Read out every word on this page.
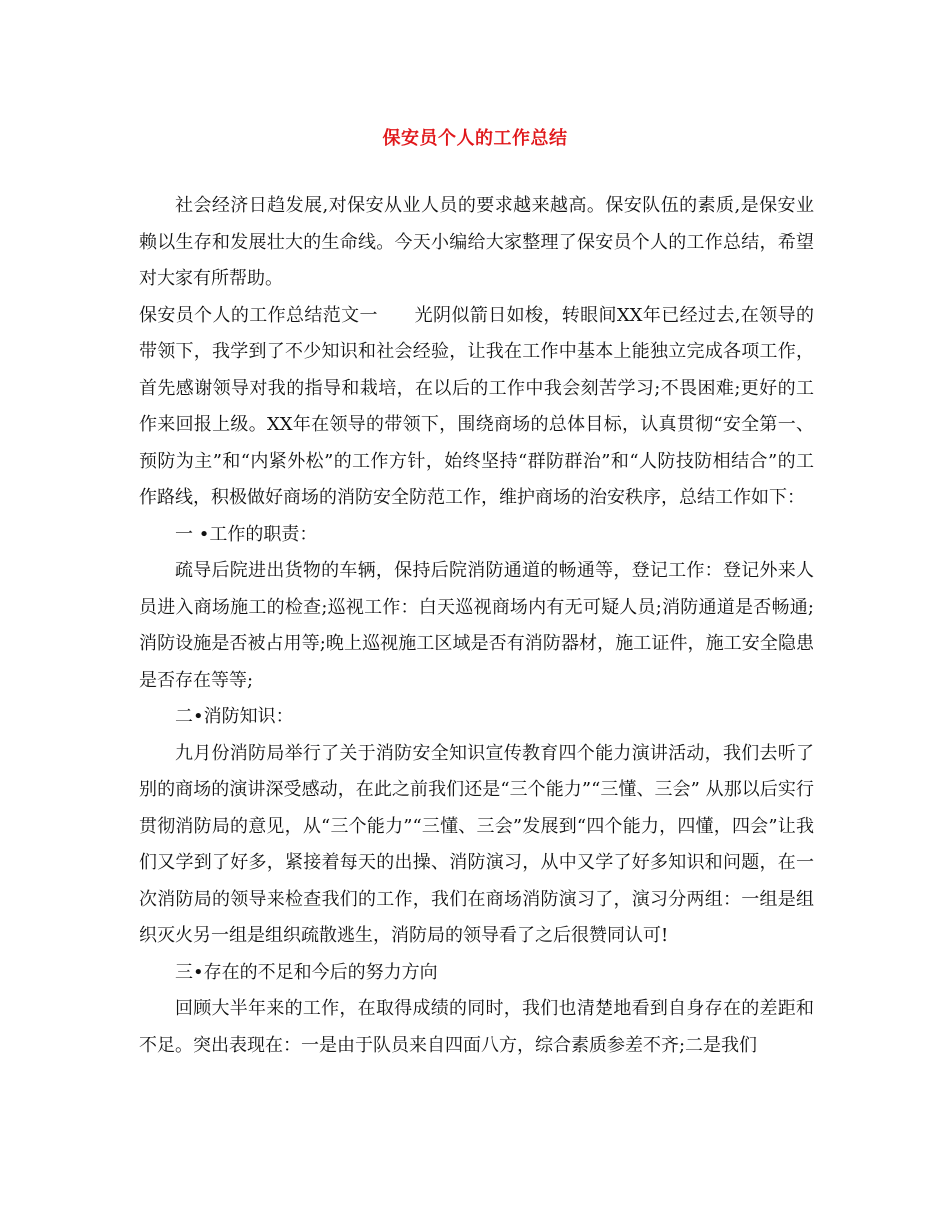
保安员个人的工作总结

社会经济日趋发展,对保安从业人员的要求越来越高。保安队伍的素质,是保安业赖以生存和发展壮大的生命线。今天小编给大家整理了保安员个人的工作总结，希望对大家有所帮助。

保安员个人的工作总结范文一　　光阴似箭日如梭，转眼间XX年已经过去,在领导的带领下，我学到了不少知识和社会经验，让我在工作中基本上能独立完成各项工作，首先感谢领导对我的指导和栽培，在以后的工作中我会刻苦学习;不畏困难;更好的工作来回报上级。XX年在领导的带领下，围绕商场的总体目标，认真贯彻“安全第一、预防为主”和“内紧外松”的工作方针，始终坚持“群防群治”和“人防技防相结合”的工作路线，积极做好商场的消防安全防范工作，维护商场的治安秩序，总结工作如下：

一 •工作的职责：

疏导后院进出货物的车辆，保持后院消防通道的畅通等，登记工作：登记外来人员进入商场施工的检查;巡视工作：白天巡视商场内有无可疑人员;消防通道是否畅通;消防设施是否被占用等;晚上巡视施工区域是否有消防器材，施工证件，施工安全隐患是否存在等等;

二•消防知识：

九月份消防局举行了关于消防安全知识宣传教育四个能力演讲活动，我们去听了别的商场的演讲深受感动，在此之前我们还是“三个能力”“三懂、三会” 从那以后实行贯彻消防局的意见，从“三个能力”“三懂、三会”发展到“四个能力，四懂，四会”让我们又学到了好多，紧接着每天的出操、消防演习，从中又学了好多知识和问题，在一次消防局的领导来检查我们的工作，我们在商场消防演习了，演习分两组：一组是组织灭火另一组是组织疏散逃生，消防局的领导看了之后很赞同认可!

三•存在的不足和今后的努力方向

回顾大半年来的工作，在取得成绩的同时，我们也清楚地看到自身存在的差距和不足。突出表现在：一是由于队员来自四面八方，综合素质参差不齐;二是我们
